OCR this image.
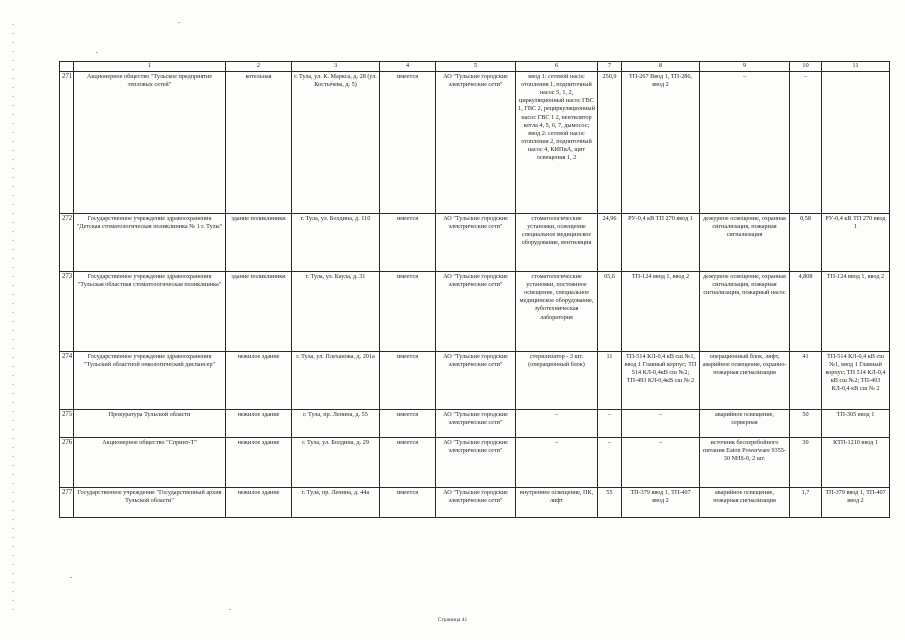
	1	2	3	4	5	6	7	8	9	10	11
271	Акционерное общество "Тульское предприятие тепловых сетей"	котельная	г. Тула, ул. К. Маркса, д. 28 (ул. Костычева, д. 5)	имеется	АО "Тульские городские электрические сети"	ввод 1: сетевой насос отопления 1, подпиточный насос 5, 1, 2, циркуляционный насос ГВС 1, ГВС 2, рециркуляционный насос ГВС 1 2, вентилятор котла 4, 5, 6, 7, дымосос; ввод 2: сетевой насос отопления 2, подпиточный насос 4, КИПиА, щит освещения 1, 2	250,9	ТП-267 Ввод 1, ТП-286, ввод 2	–	–	
272	Государственное учреждение здравоохранения "Детская стоматологическая поликлиника № 1 г. Тулы"	здание поликлиники	г. Тула, ул. Болдина, д. 110	имеется	АО "Тульские городские электрические сети"	стоматологические установки, освещение специальное медицинское оборудование, вентиляция	24,96	РУ-0,4 кВ ТП 270 ввод 1	дежурное освещение, охранная сигнализация, пожарная сигнализация	0,58	РУ-0,4 кВ ТП 270 ввод 1
273	Государственное учреждение здравоохранения "Тульская областная стоматологическая поликлиника"	здание поликлиники	г. Тула, ул. Каула, д. 31	имеется	АО "Тульские городские электрические сети"	стоматологические установки, постоянное освещение, специальное медицинское оборудование, зуботехническая лаборатория	65,6	ТП-124 ввод 1, ввод 2	дежурное освещение, охранная сигнализация, пожарная сигнализация, пожарный насос	4,808	ТП-124 ввод 1, ввод 2
274	Государственное учреждение здравоохранения "Тульский областной онкологический диспансер"	нежилое здание	г. Тула, ул. Плеханова, д. 201а	имеется	АО "Тульские городские электрические сети"	стерилизатор - 3 шт. (операционный блок)	11	ТП-514 КЛ-0,4 кВ сш №1, ввод 1 Главный корпус; ТП 514 КЛ-0,4кВ сш №2; ТП-493 КЛ-0,4кВ сш № 2	операционный блок, лифт, аварийное освещение, охранно-пожарная сигнализация	41	ТП-514 КЛ-0,4 кВ сш №1, ввод 1 Главный корпус; ТП 514 КЛ-0,4 кВ сш №2; ТП-493 КЛ-0,4 кВ сш № 2
275	Прокуратура Тульской области	нежилое здание	г. Тула, пр. Ленина, д. 55	имеется	АО "Тульские городские электрические сети"	–	–	–	аварийное освещение, серверная	50	ТП-305 ввод 1
276	Акционерное общество "Спринт-Т"	нежилое здание	г. Тула, ул. Болдина, д. 29	имеется	АО "Тульские городские электрические сети"	–	–	–	источник бесперебойного питания Eaton Powerware 9355-30 NHS-0, 2 шт.	30	КТП-1210 ввод 1
277	Государственное учреждение "Государственный архив Тульской области"	нежилое здание	г. Тула, пр. Ленина, д. 44а	имеется	АО "Тульские городские электрические сети"	внутреннее освещение, ПК, лифт	55	ТП-379 ввод 1, ТП-407 ввод 2	аварийное освещение, пожарная сигнализация	1,7	ТП-379 ввод 1, ТП-407 ввод 2
Страница 41
